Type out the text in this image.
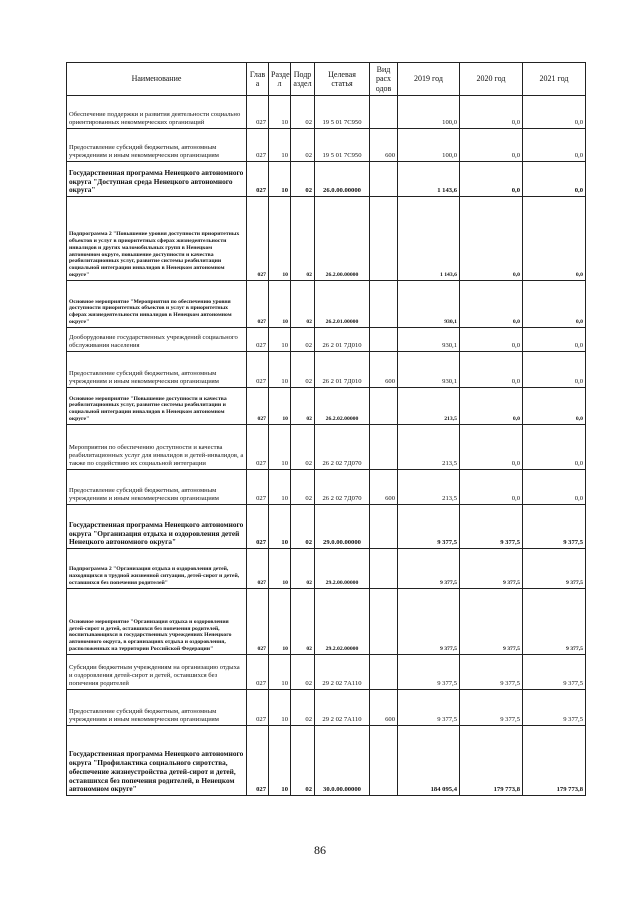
Наименование	Глав а	Разде л	Подр аздел	Целевая статья	Вид расх одов	2019 год	2020 год	2021 год
Обеспечение поддержки и развития деятельности социально ориентированных некоммерческих организаций	027	10	02	19 5 01 7С950		100,0	0,0	0,0
Предоставление субсидий бюджетным, автономным учреждениям и иным некоммерческим организациям	027	10	02	19 5 01 7С950	600	100,0	0,0	0,0
Государственная программа Ненецкого автономного округа "Доступная среда Ненецкого автономного округа"	027	10	02	26.0.00.00000		1 143,6	0,0	0,0
Подпрограмма 2 "Повышение уровня доступности приоритетных объектов и услуг в приоритетных сферах жизнедеятельности инвалидов и других маломобильных групп в Ненецком автономном округе, повышение доступности и качества реабилитационных услуг, развитие системы реабилитации социальной интеграции инвалидов в Ненецком автономном округе"	027	10	02	26.2.00.00000		1 143,6	0,0	0,0
Основное мероприятие "Мероприятия по обеспечению уровня доступности приоритетных объектов и услуг в приоритетных сферах жизнедеятельности инвалидов в Ненецком автономном округе"	027	10	02	26.2.01.00000		930,1	0,0	0,0
Дооборудование государственных учреждений социального обслуживания населения	027	10	02	26 2 01 7Д010		930,1	0,0	0,0
Предоставление субсидий бюджетным, автономным учреждениям и иным некоммерческим организациям	027	10	02	26 2 01 7Д010	600	930,1	0,0	0,0
Основное мероприятие "Повышение доступности и качества реабилитационных услуг, развитие системы реабилитации и социальной интеграции инвалидов в Ненецком автономном округе"	027	10	02	26.2.02.00000		213,5	0,0	0,0
Мероприятия по обеспечению доступности и качества реабилитационных услуг для инвалидов и детей-инвалидов, а также по содействию их социальной интеграции	027	10	02	26 2 02 7Д070		213,5	0,0	0,0
Предоставление субсидий бюджетным, автономным учреждениям и иным некоммерческим организациям	027	10	02	26 2 02 7Д070	600	213,5	0,0	0,0
Государственная программа Ненецкого автономного округа "Организация отдыха и оздоровления детей Ненецкого автономного округа"	027	10	02	29.0.00.00000		9 377,5	9 377,5	9 377,5
Подпрограмма 2 "Организация отдыха и оздоровления детей, находящихся в трудной жизненной ситуации, детей-сирот и детей, оставшихся без попечения родителей"	027	10	02	29.2.00.00000		9 377,5	9 377,5	9 377,5
Основное мероприятие "Организация отдыха и оздоровления детей-сирот и детей, оставшихся без попечения родителей, воспитывающихся в государственных учреждениях Ненецкого автономного округа, в организациях отдыха и оздоровления, расположенных на территории Российской Федерации"	027	10	02	29.2.02.00000		9 377,5	9 377,5	9 377,5
Субсидии бюджетным учреждениям на организацию отдыха и оздоровления детей-сирот и детей, оставшихся без попечения родителей	027	10	02	29 2 02 7А110		9 377,5	9 377,5	9 377,5
Предоставление субсидий бюджетным, автономным учреждениям и иным некоммерческим организациям	027	10	02	29 2 02 7А110	600	9 377,5	9 377,5	9 377,5
Государственная программа Ненецкого автономного округа "Профилактика социального сиротства, обеспечение жизнеустройства детей-сирот и детей, оставшихся без попечения родителей, в Ненецком автономном округе"	027	10	02	30.0.00.00000		184 095,4	179 773,8	179 773,8
86
